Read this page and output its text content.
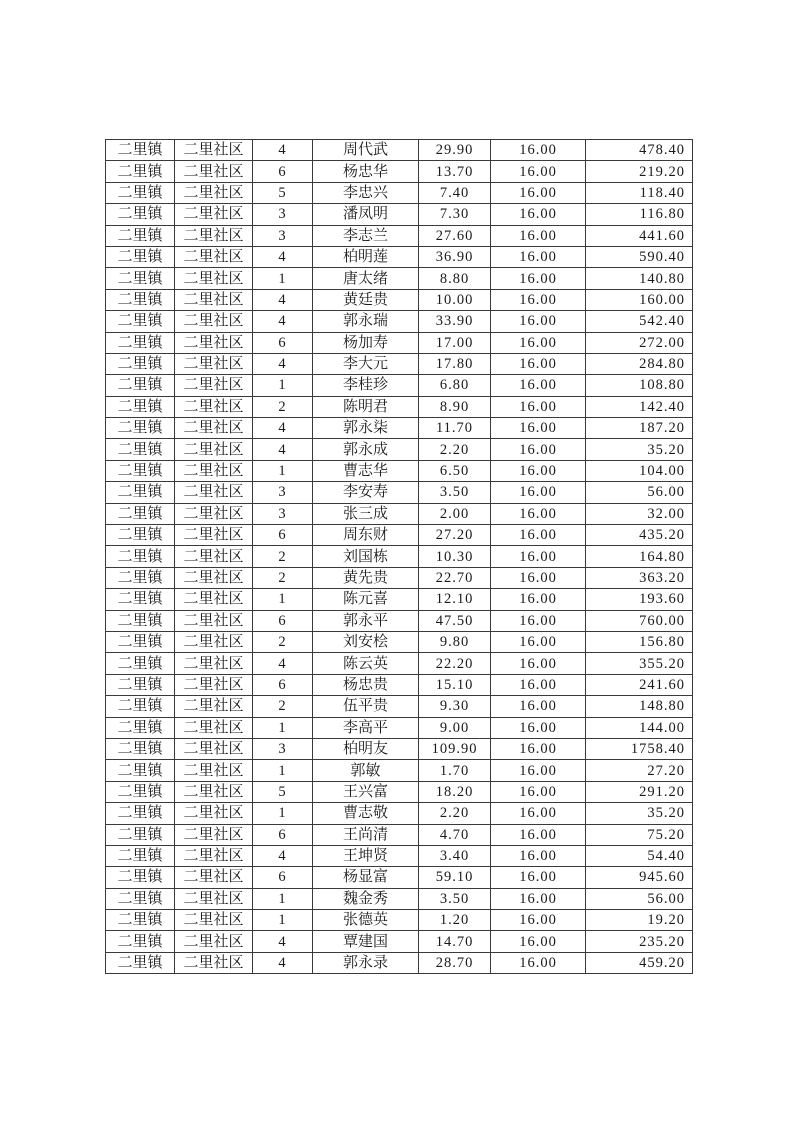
二里镇	二里社区	4	周代武	29.90	16.00	478.40
二里镇	二里社区	6	杨忠华	13.70	16.00	219.20
二里镇	二里社区	5	李忠兴	7.40	16.00	118.40
二里镇	二里社区	3	潘凤明	7.30	16.00	116.80
二里镇	二里社区	3	李志兰	27.60	16.00	441.60
二里镇	二里社区	4	柏明莲	36.90	16.00	590.40
二里镇	二里社区	1	唐太绪	8.80	16.00	140.80
二里镇	二里社区	4	黄廷贵	10.00	16.00	160.00
二里镇	二里社区	4	郭永瑞	33.90	16.00	542.40
二里镇	二里社区	6	杨加寿	17.00	16.00	272.00
二里镇	二里社区	4	李大元	17.80	16.00	284.80
二里镇	二里社区	1	李桂珍	6.80	16.00	108.80
二里镇	二里社区	2	陈明君	8.90	16.00	142.40
二里镇	二里社区	4	郭永柒	11.70	16.00	187.20
二里镇	二里社区	4	郭永成	2.20	16.00	35.20
二里镇	二里社区	1	曹志华	6.50	16.00	104.00
二里镇	二里社区	3	李安寿	3.50	16.00	56.00
二里镇	二里社区	3	张三成	2.00	16.00	32.00
二里镇	二里社区	6	周东财	27.20	16.00	435.20
二里镇	二里社区	2	刘国栋	10.30	16.00	164.80
二里镇	二里社区	2	黄先贵	22.70	16.00	363.20
二里镇	二里社区	1	陈元喜	12.10	16.00	193.60
二里镇	二里社区	6	郭永平	47.50	16.00	760.00
二里镇	二里社区	2	刘安桧	9.80	16.00	156.80
二里镇	二里社区	4	陈云英	22.20	16.00	355.20
二里镇	二里社区	6	杨忠贵	15.10	16.00	241.60
二里镇	二里社区	2	伍平贵	9.30	16.00	148.80
二里镇	二里社区	1	李高平	9.00	16.00	144.00
二里镇	二里社区	3	柏明友	109.90	16.00	1758.40
二里镇	二里社区	1	郭敏	1.70	16.00	27.20
二里镇	二里社区	5	王兴富	18.20	16.00	291.20
二里镇	二里社区	1	曹志敬	2.20	16.00	35.20
二里镇	二里社区	6	王尚清	4.70	16.00	75.20
二里镇	二里社区	4	王坤贤	3.40	16.00	54.40
二里镇	二里社区	6	杨显富	59.10	16.00	945.60
二里镇	二里社区	1	魏金秀	3.50	16.00	56.00
二里镇	二里社区	1	张德英	1.20	16.00	19.20
二里镇	二里社区	4	覃建国	14.70	16.00	235.20
二里镇	二里社区	4	郭永录	28.70	16.00	459.20
